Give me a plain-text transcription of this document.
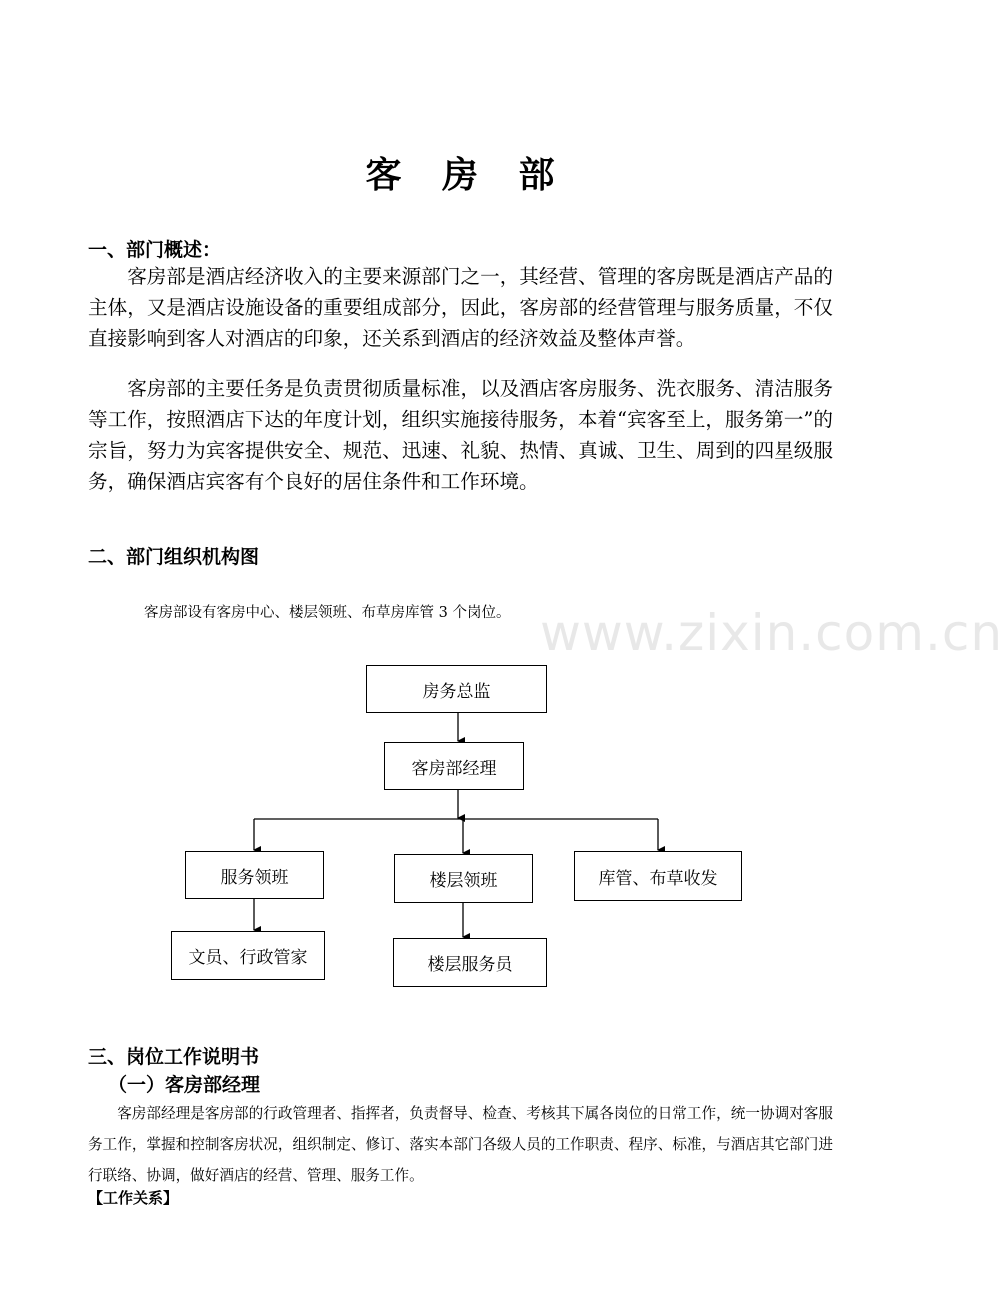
客 房 部
一、部门概述：

客房部是酒店经济收入的主要来源部门之一，其经营、管理的客房既是酒店产品的主体，又是酒店设施设备的重要组成部分，因此，客房部的经营管理与服务质量，不仅直接影响到客人对酒店的印象，还关系到酒店的经济效益及整体声誉。

客房部的主要任务是负责贯彻质量标准，以及酒店客房服务、洗衣服务、清洁服务等工作，按照酒店下达的年度计划，组织实施接待服务，本着“宾客至上，服务第一”的宗旨，努力为宾客提供安全、规范、迅速、礼貌、热情、真诚、卫生、周到的四星级服务，确保酒店宾客有个良好的居住条件和工作环境。

二、部门组织机构图
客房部设有客房中心、楼层领班、布草房库管 3 个岗位。 www.zixin.com.cn
房务总监
客房部经理
服务领班	楼层领班	库管、布草收发
文员、行政管家	楼层服务员
三、岗位工作说明书
（一）客房部经理

客房部经理是客房部的行政管理者、指挥者，负责督导、检查、考核其下属各岗位的日常工作，统一协调对客服务工作，掌握和控制客房状况，组织制定、修订、落实本部门各级人员的工作职责、程序、标准，与酒店其它部门进行联络、协调，做好酒店的经营、管理、服务工作。

【工作关系】
